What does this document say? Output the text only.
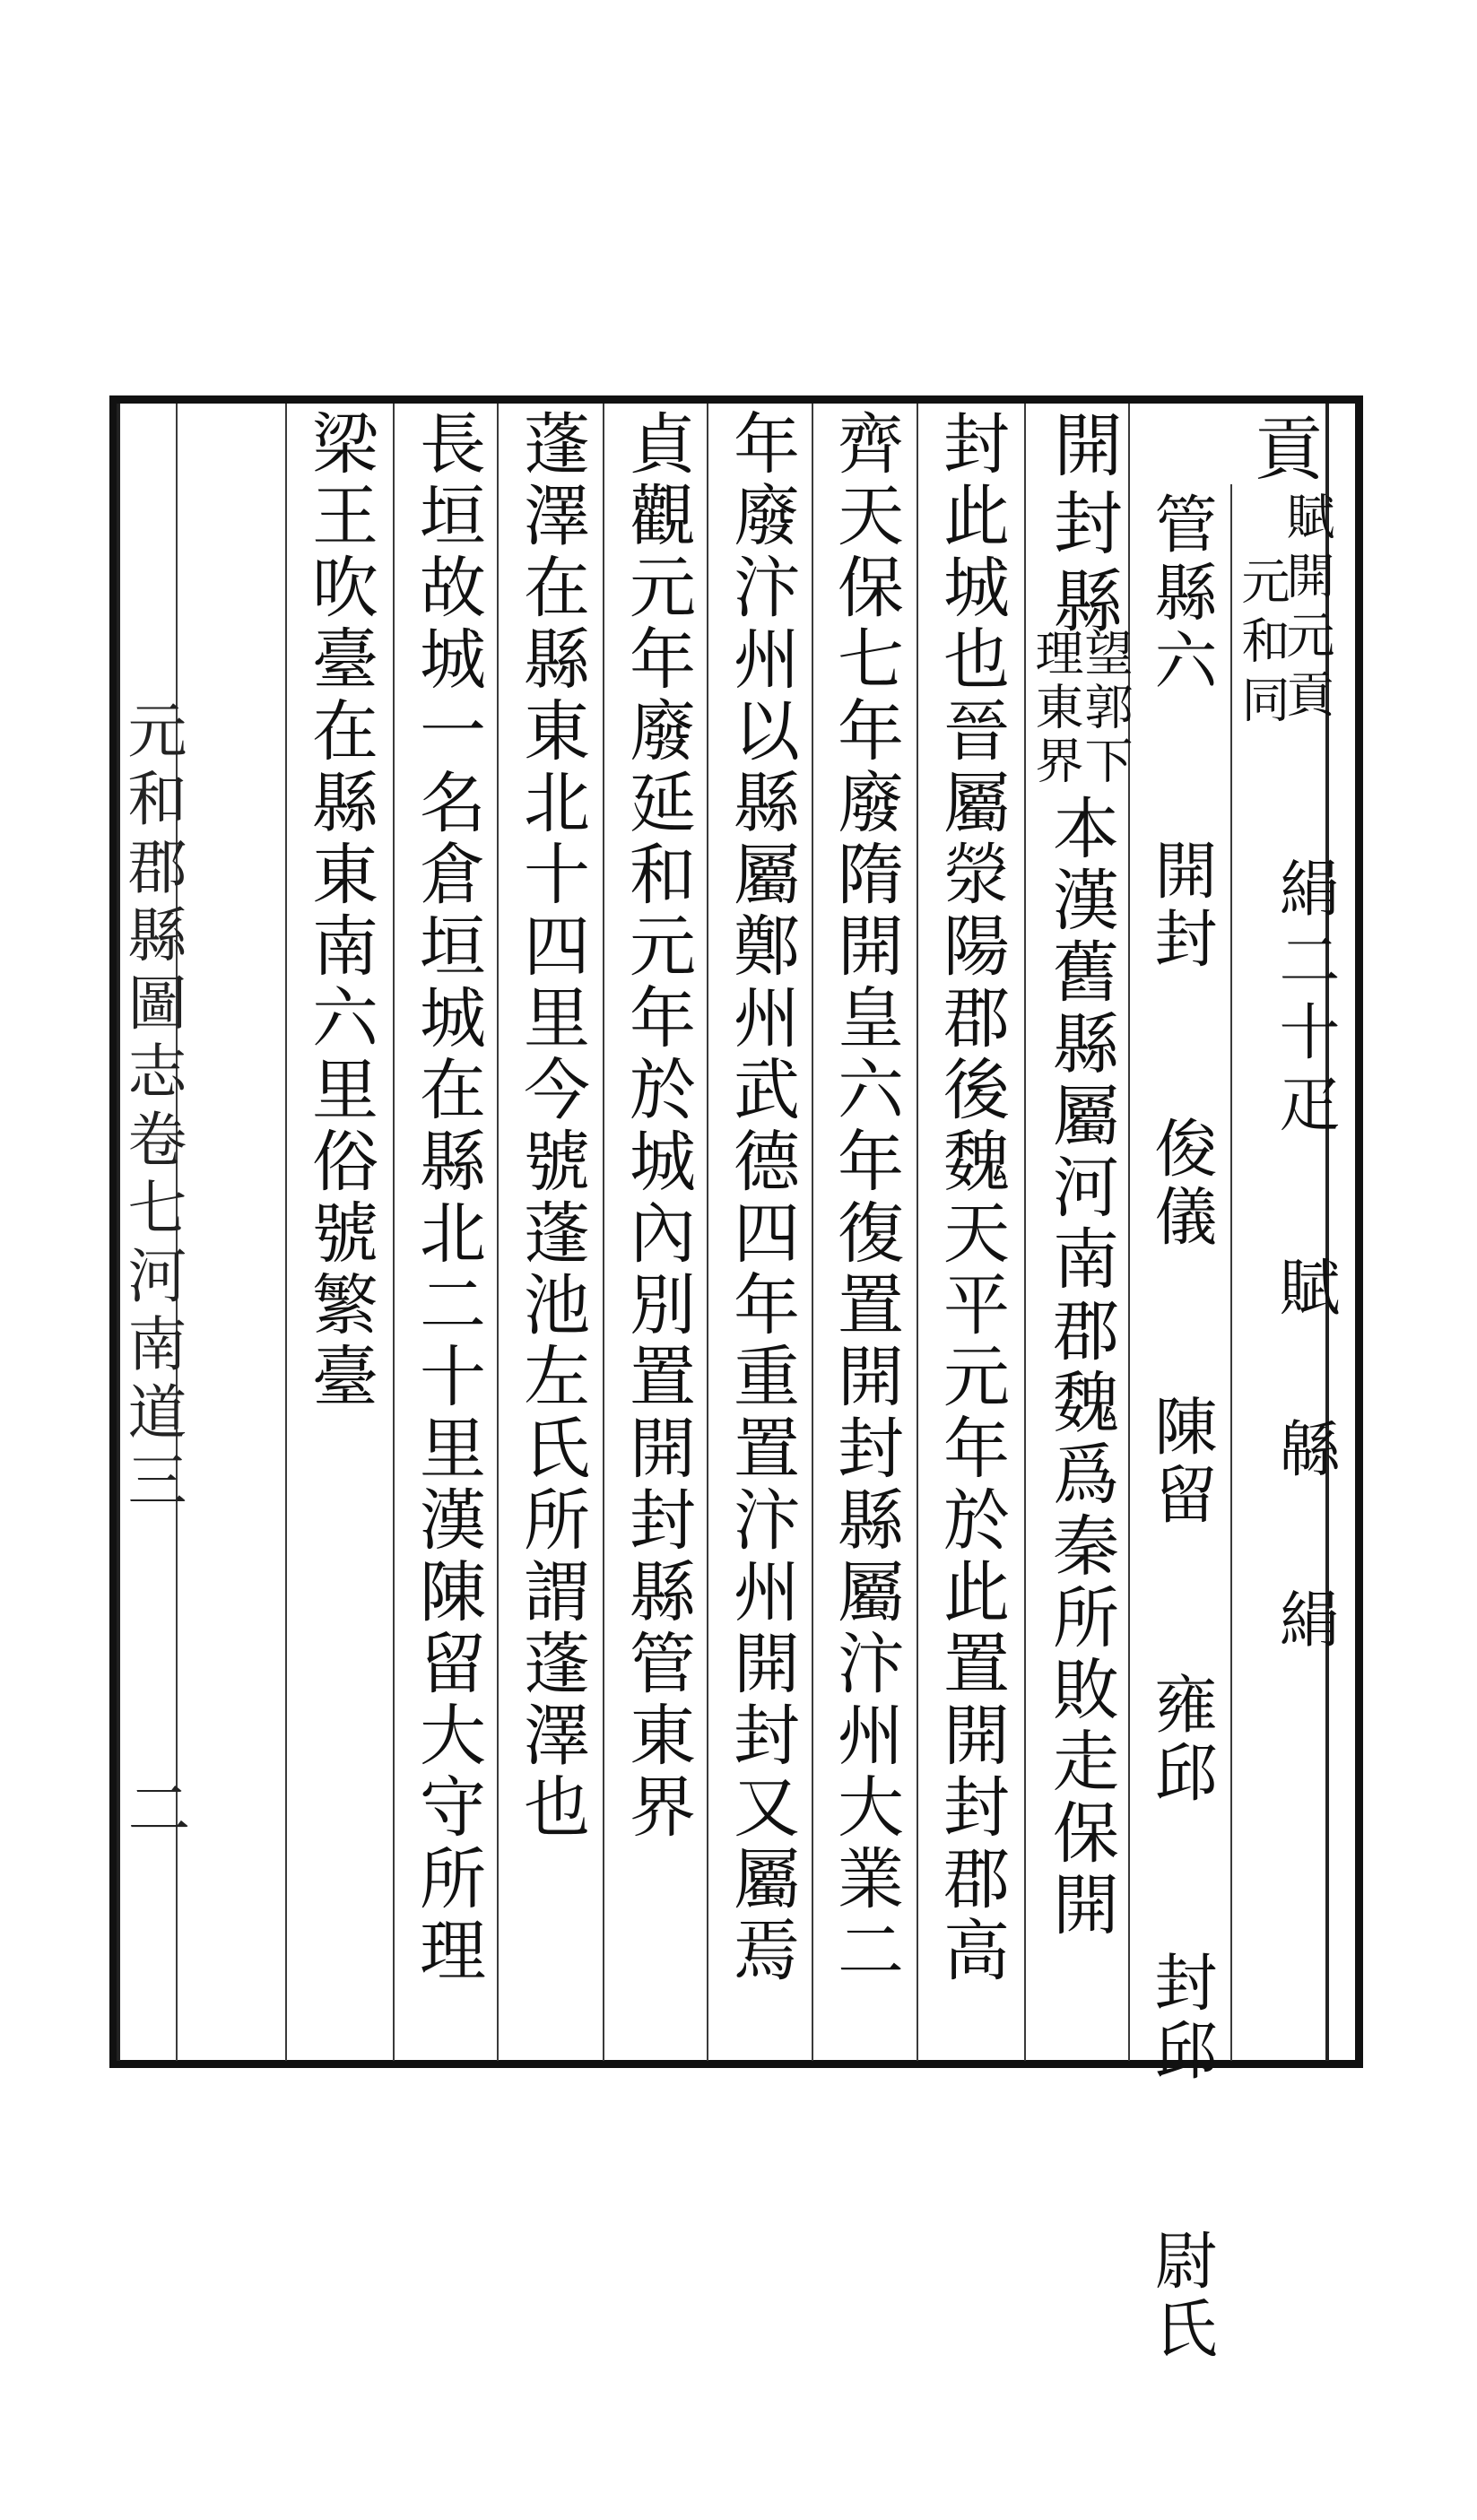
貢
賦開元貢
元和同
絹二十疋
賦
緜
絹
管縣六 開封 俊儀 陳留 雍邱 封邱 尉氏
開封縣
望郭下
理東界
本漢舊縣屬河南郡魏爲秦所敗走保開
封此城也晉屬滎陽郡後魏天平元年於此置開封郡高
齊天保七年廢隋開皇六年復置開封縣屬汴州大業二
年廢汴州以縣屬鄭州武德四年重置汴州開封又屬焉
貞觀元年廢延和元年於城內別置開封縣管東界
蓬澤在縣東北十四里今號蓬池左氏所謂蓬澤也
長垣故城一名倉垣城在縣北二十里漢陳留大守所理
梁王吹臺在縣東南六里俗號繁臺
元和郡縣圖志卷七河南道三
二
